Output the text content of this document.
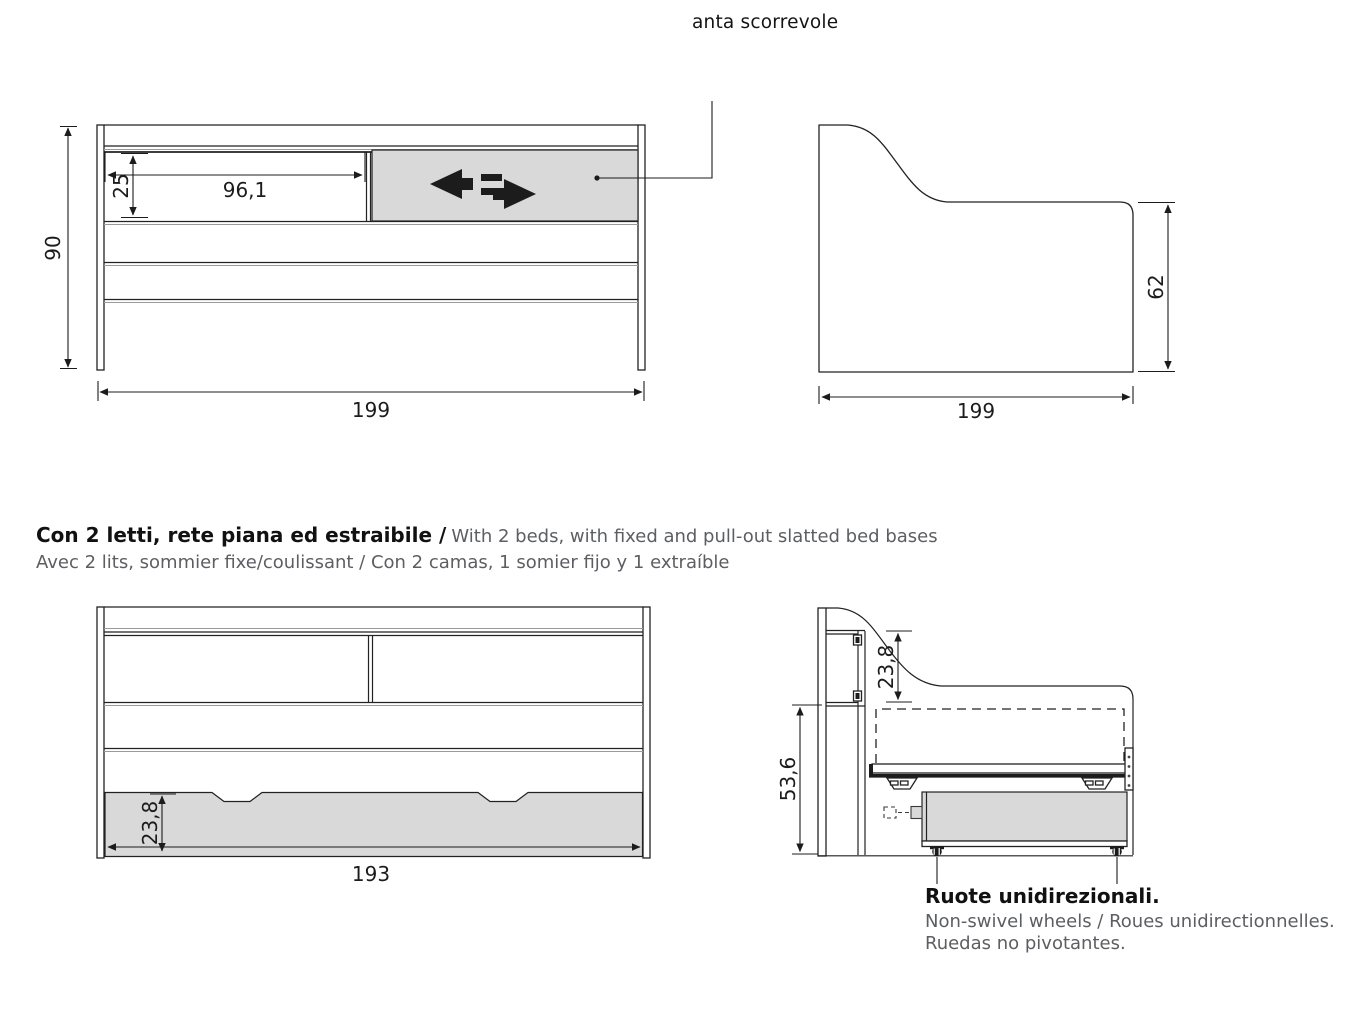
90
199
96,1
25
62
199
23,8
193
23,8
53,6
anta scorrevole
Con 2 letti, rete piana ed estraibile / With 2 beds, with fixed and pull-out slatted bed bases
Avec 2 lits, sommier fixe/coulissant / Con 2 camas, 1 somier fijo y 1 extraíble
Ruote unidirezionali.
Non-swivel wheels / Roues unidirectionnelles.
Ruedas no pivotantes.
